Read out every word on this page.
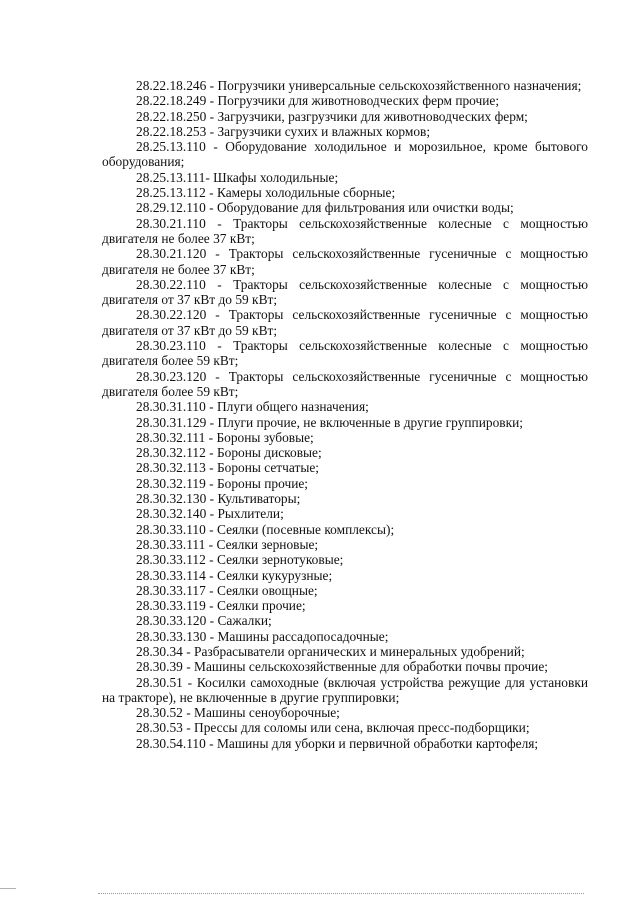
28.22.18.246 - Погрузчики универсальные сельскохозяйственного назначения;

28.22.18.249 - Погрузчики для животноводческих ферм прочие;

28.22.18.250 - Загрузчики, разгрузчики для животноводческих ферм;

28.22.18.253 - Загрузчики сухих и влажных кормов;

28.25.13.110 - Оборудование холодильное и морозильное, кроме бытового оборудования;

28.25.13.111- Шкафы холодильные;

28.25.13.112 - Камеры холодильные сборные;

28.29.12.110 - Оборудование для фильтрования или очистки воды;

28.30.21.110 - Тракторы сельскохозяйственные колесные с мощностью двигателя не более 37 кВт;

28.30.21.120 - Тракторы сельскохозяйственные гусеничные с мощностью двигателя не более 37 кВт;

28.30.22.110 - Тракторы сельскохозяйственные колесные с мощностью двигателя от 37 кВт до 59 кВт;

28.30.22.120 - Тракторы сельскохозяйственные гусеничные с мощностью двигателя от 37 кВт до 59 кВт;

28.30.23.110 - Тракторы сельскохозяйственные колесные с мощностью двигателя более 59 кВт;

28.30.23.120 - Тракторы сельскохозяйственные гусеничные с мощностью двигателя более 59 кВт;

28.30.31.110 - Плуги общего назначения;

28.30.31.129 - Плуги прочие, не включенные в другие группировки;

28.30.32.111 - Бороны зубовые;

28.30.32.112 - Бороны дисковые;

28.30.32.113 - Бороны сетчатые;

28.30.32.119 - Бороны прочие;

28.30.32.130 - Культиваторы;

28.30.32.140 - Рыхлители;

28.30.33.110 - Сеялки (посевные комплексы);

28.30.33.111 - Сеялки зерновые;

28.30.33.112 - Сеялки зернотуковые;

28.30.33.114 - Сеялки кукурузные;

28.30.33.117 - Сеялки овощные;

28.30.33.119 - Сеялки прочие;

28.30.33.120 - Сажалки;

28.30.33.130 - Машины рассадопосадочные;

28.30.34 - Разбрасыватели органических и минеральных удобрений;

28.30.39 - Машины сельскохозяйственные для обработки почвы прочие;

28.30.51 - Косилки самоходные (включая устройства режущие для установки на тракторе), не включенные в другие группировки;

28.30.52 - Машины сеноуборочные;

28.30.53 - Прессы для соломы или сена, включая пресс-подборщики;

28.30.54.110 - Машины для уборки и первичной обработки картофеля;
